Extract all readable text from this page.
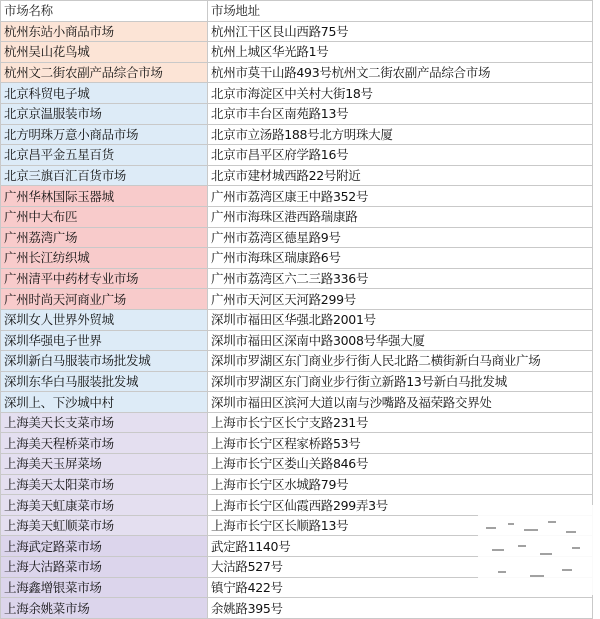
市场名称	市场地址
杭州东站小商品市场	杭州江干区艮山西路75号
杭州吴山花鸟城	杭州上城区华光路1号
杭州文二街农副产品综合市场	杭州市莫干山路493号杭州文二街农副产品综合市场
北京科贸电子城	北京市海淀区中关村大街18号
北京京温服装市场	北京市丰台区南苑路13号
北方明珠万意小商品市场	北京市立汤路188号北方明珠大厦
北京昌平金五星百货	北京市昌平区府学路16号
北京三旗百汇百货市场	北京市建材城西路22号附近
广州华林国际玉器城	广州市荔湾区康王中路352号
广州中大布匹	广州市海珠区港西路瑞康路
广州荔湾广场	广州市荔湾区德星路9号
广州长江纺织城	广州市海珠区瑞康路6号
广州清平中药材专业市场	广州市荔湾区六二三路336号
广州时尚天河商业广场	广州市天河区天河路299号
深圳女人世界外贸城	深圳市福田区华强北路2001号
深圳华强电子世界	深圳市福田区深南中路3008号华强大厦
深圳新白马服装市场批发城	深圳市罗湖区东门商业步行街人民北路二横街新白马商业广场
深圳东华白马服装批发城	深圳市罗湖区东门商业步行街立新路13号新白马批发城
深圳上、下沙城中村	深圳市福田区滨河大道以南与沙嘴路及福荣路交界处
上海美天长支菜市场	上海市长宁区长宁支路231号
上海美天程桥菜市场	上海市长宁区程家桥路53号
上海美天玉屏菜场	上海市长宁区娄山关路846号
上海美天太阳菜市场	上海市长宁区水城路79号
上海美天虹康菜市场	上海市长宁区仙霞西路299弄3号
上海美天虹顺菜市场	上海市长宁区长顺路13号
上海武定路菜市场	武定路1140号
上海大沽路菜市场	大沽路527号
上海鑫增银菜市场	镇宁路422号
上海余姚菜市场	余姚路395号
